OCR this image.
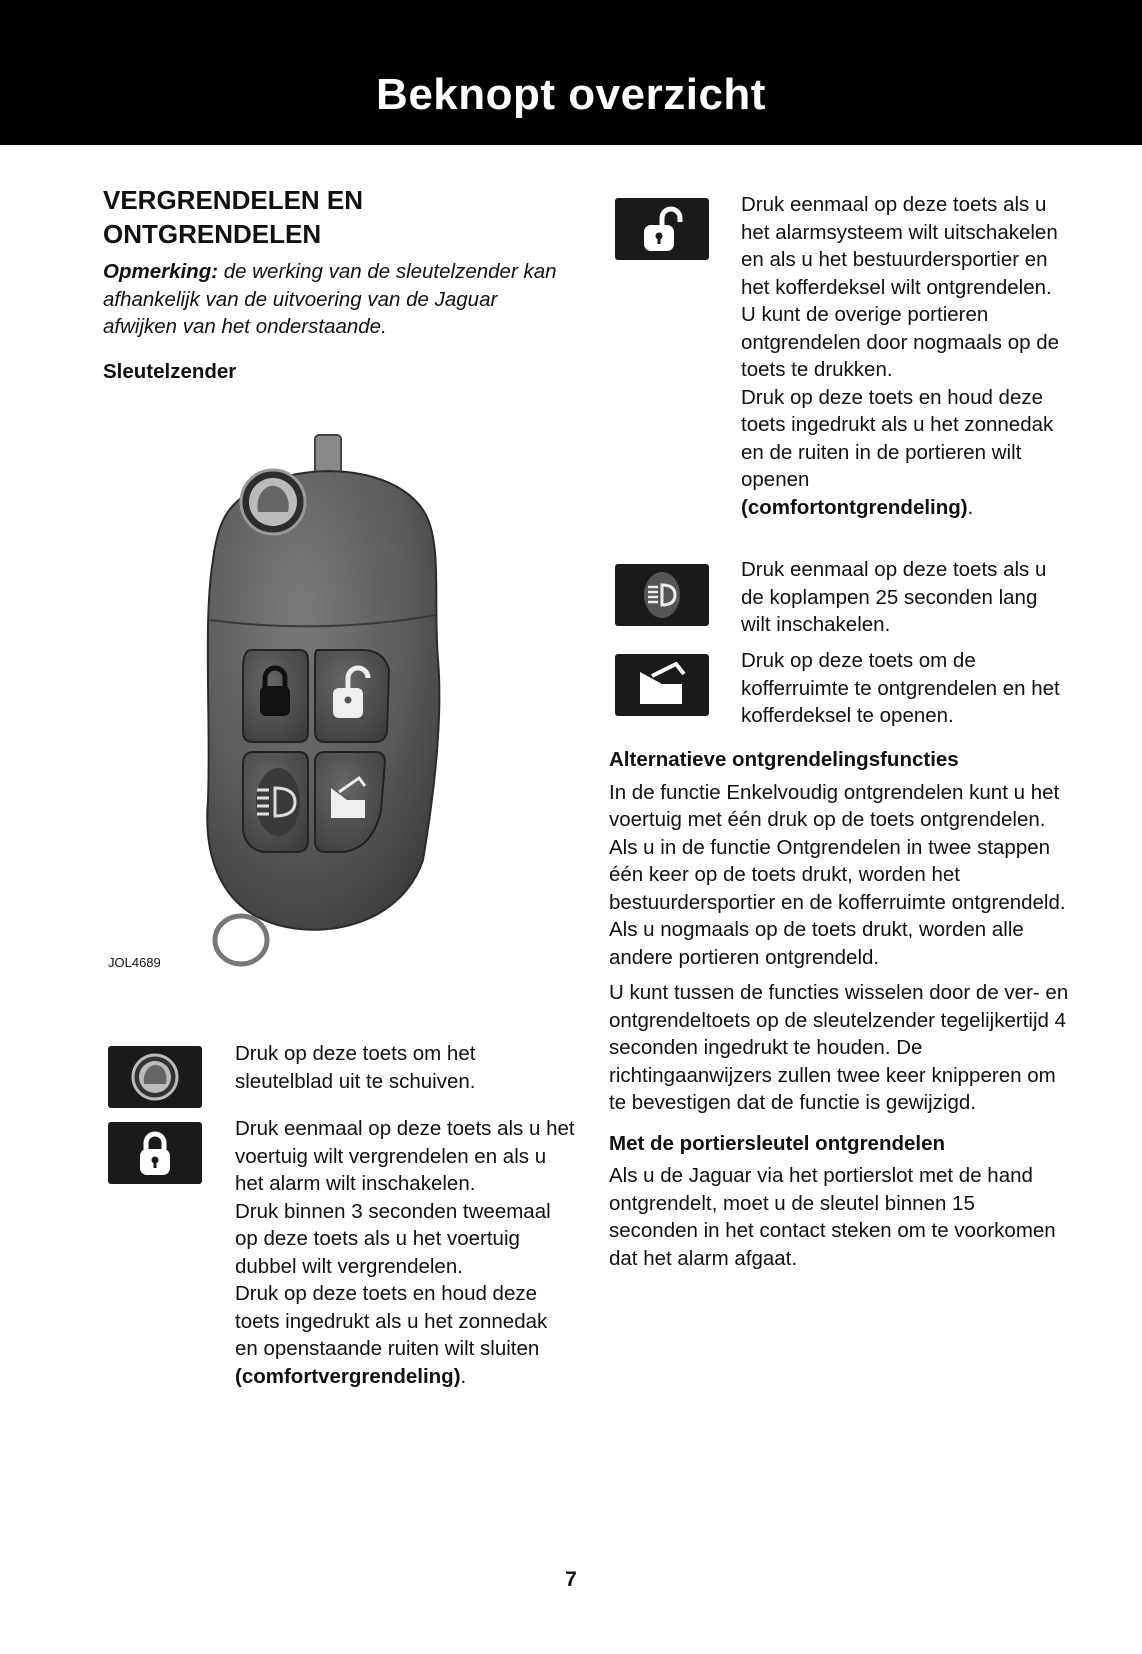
Beknopt overzicht
VERGRENDELEN EN
ONTGRENDELEN

Opmerking: de werking van de sleutelzender kan afhankelijk van de uitvoering van de Jaguar afwijken van het onderstaande.

Sleutelzender

JOL4689
Druk op deze toets om het sleutelblad uit te schuiven.
Druk eenmaal op deze toets als u het voertuig wilt vergrendelen en als u het alarm wilt inschakelen.
Druk binnen 3 seconden tweemaal op deze toets als u het voertuig dubbel wilt vergrendelen.
Druk op deze toets en houd deze toets ingedrukt als u het zonnedak en openstaande ruiten wilt sluiten
(comfortvergrendeling).
Druk eenmaal op deze toets als u het alarmsysteem wilt uitschakelen en als u het bestuurdersportier en het kofferdeksel wilt ontgrendelen.
U kunt de overige portieren ontgrendelen door nogmaals op de toets te drukken.
Druk op deze toets en houd deze toets ingedrukt als u het zonnedak en de ruiten in de portieren wilt openen
(comfortontgrendeling).
Druk eenmaal op deze toets als u de koplampen 25 seconden lang wilt inschakelen.
Druk op deze toets om de kofferruimte te ontgrendelen en het kofferdeksel te openen.

Alternatieve ontgrendelingsfuncties

In de functie Enkelvoudig ontgrendelen kunt u het voertuig met één druk op de toets ontgrendelen. Als u in de functie Ontgrendelen in twee stappen één keer op de toets drukt, worden het bestuurdersportier en de kofferruimte ontgrendeld. Als u nogmaals op de toets drukt, worden alle andere portieren ontgrendeld.

U kunt tussen de functies wisselen door de ver- en ontgrendeltoets op de sleutelzender tegelijkertijd 4 seconden ingedrukt te houden. De richtingaanwijzers zullen twee keer knipperen om te bevestigen dat de functie is gewijzigd.

Met de portiersleutel ontgrendelen

Als u de Jaguar via het portierslot met de hand ontgrendelt, moet u de sleutel binnen 15 seconden in het contact steken om te voorkomen dat het alarm afgaat.

7
